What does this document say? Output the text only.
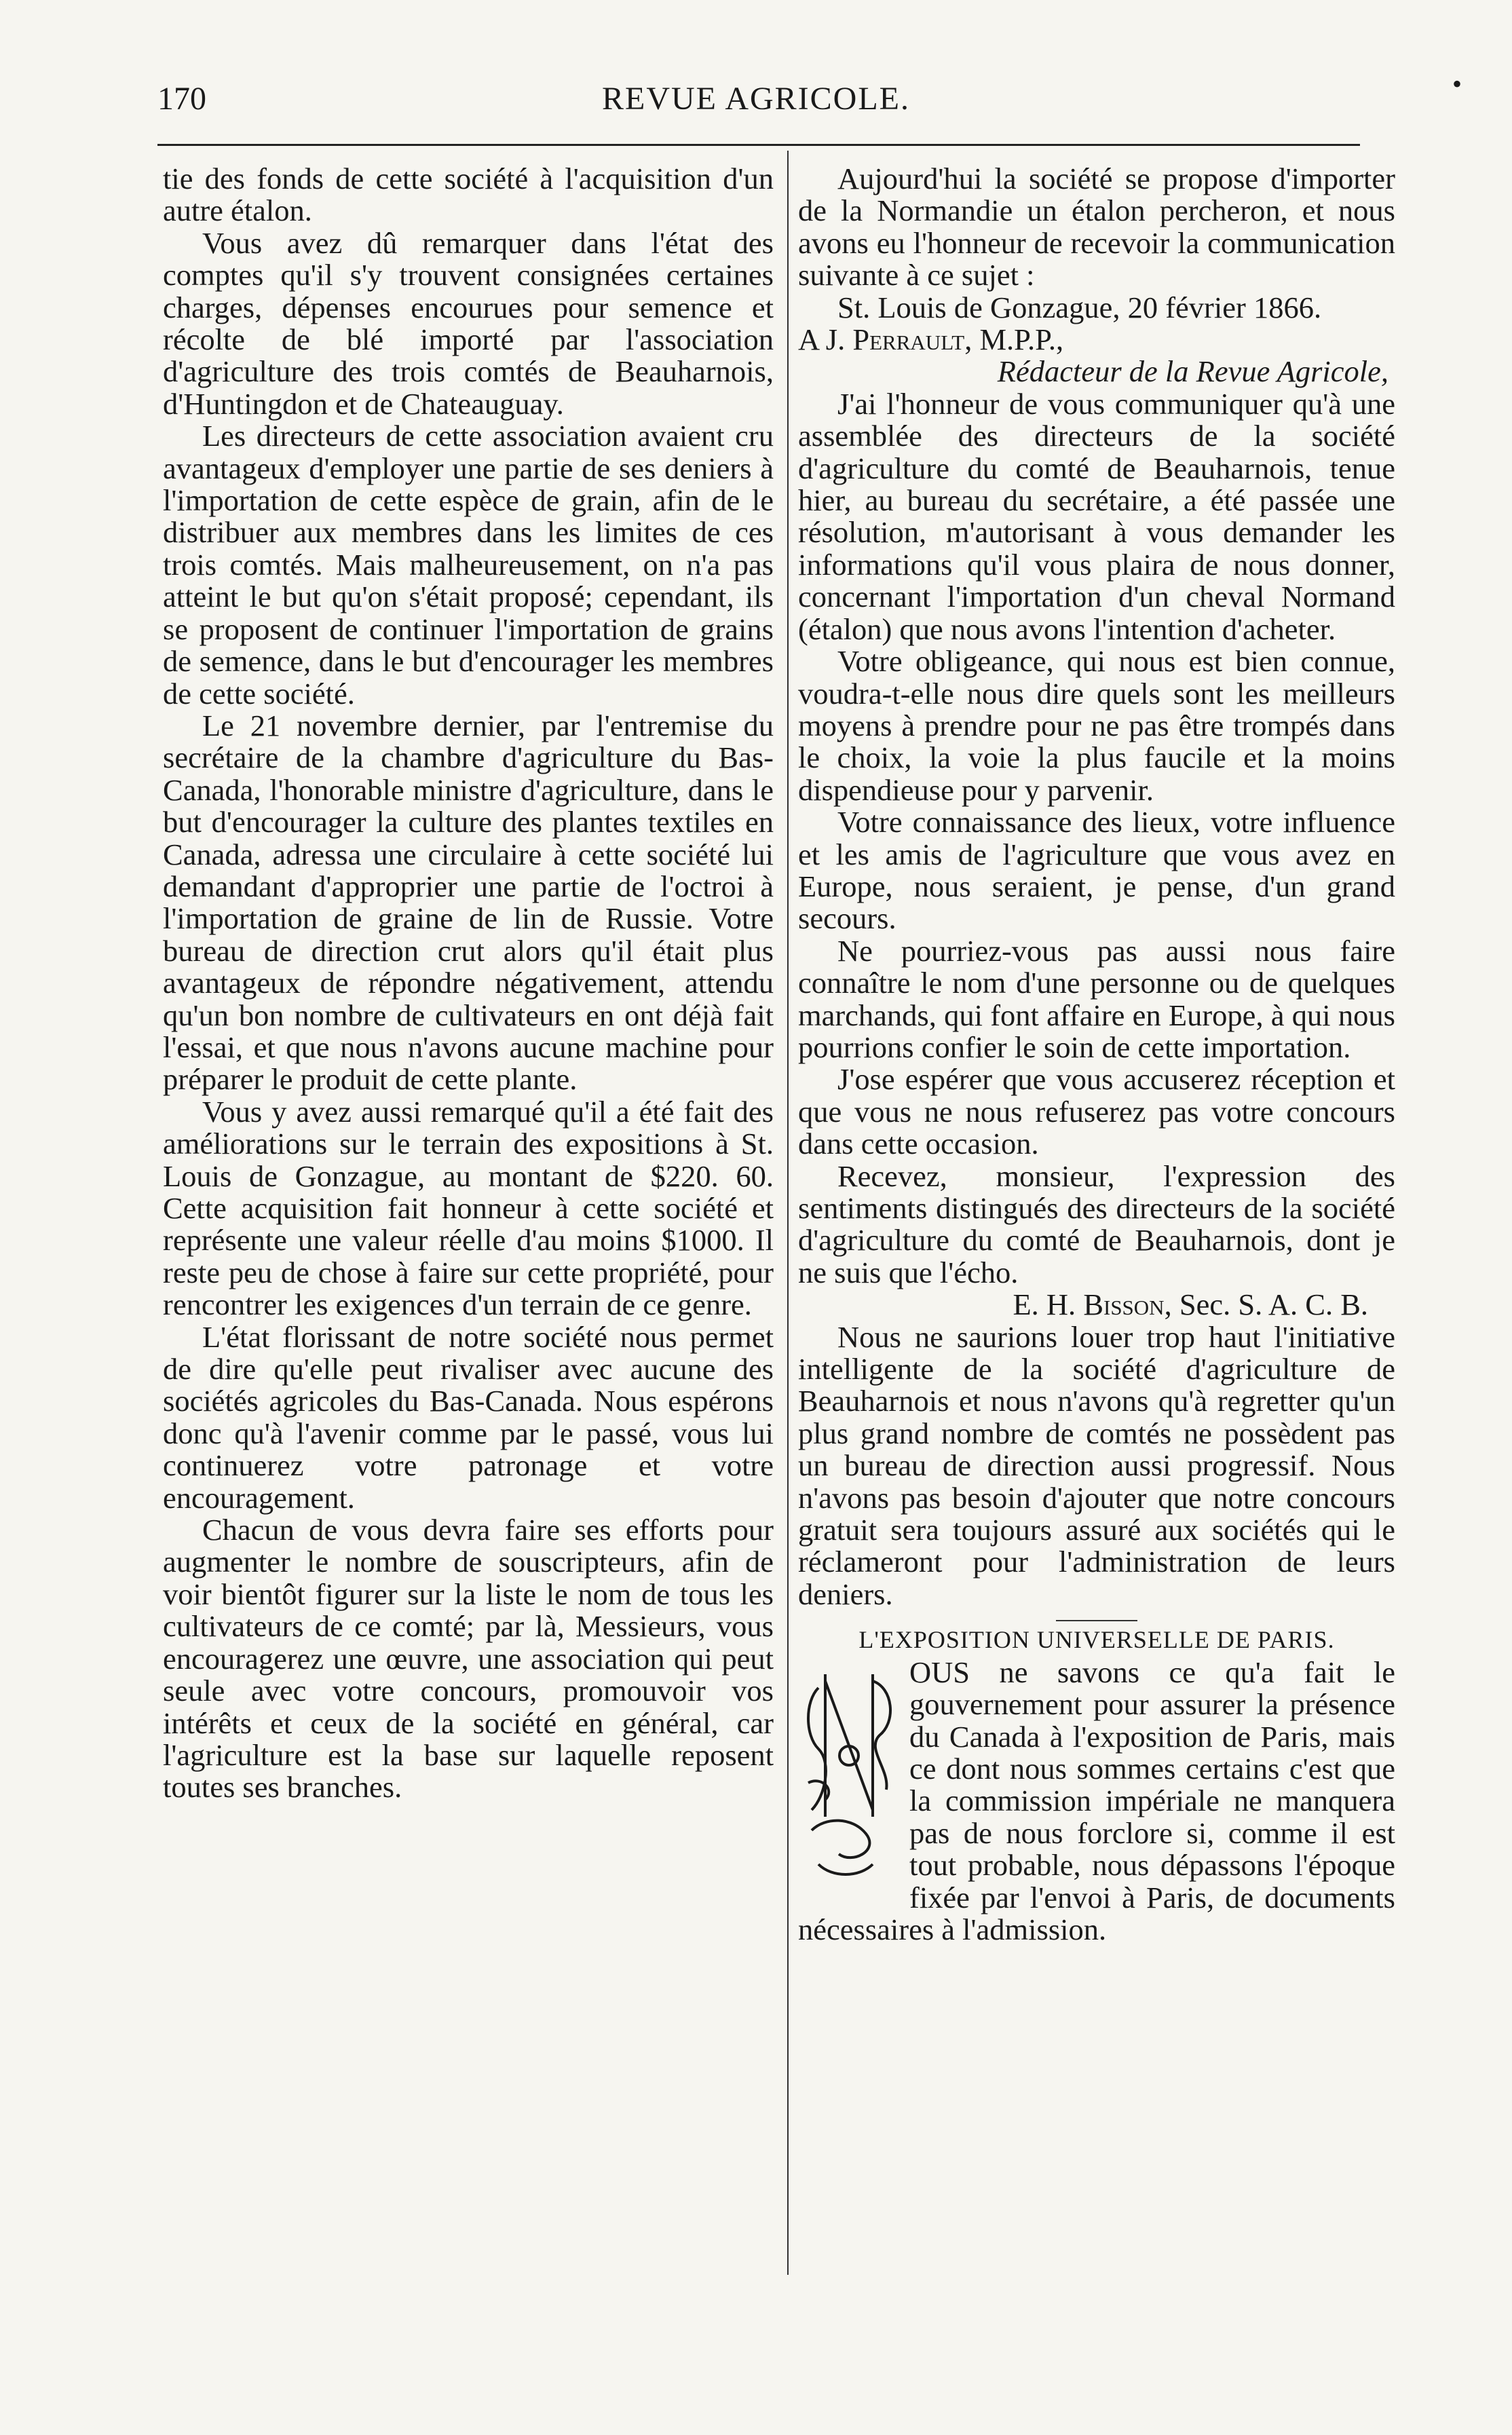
170	REVUE AGRICOLE.	•

tie des fonds de cette société à l'acquisition d'un autre étalon.

Vous avez dû remarquer dans l'état des comptes qu'il s'y trouvent consignées certaines charges, dépenses encourues pour semence et récolte de blé importé par l'association d'agriculture des trois comtés de Beauharnois, d'Huntingdon et de Chateauguay.

Les directeurs de cette association avaient cru avantageux d'employer une partie de ses deniers à l'importation de cette espèce de grain, afin de le distribuer aux membres dans les limites de ces trois comtés. Mais malheureusement, on n'a pas atteint le but qu'on s'était proposé; cependant, ils se proposent de continuer l'importation de grains de semence, dans le but d'encourager les membres de cette société.

Le 21 novembre dernier, par l'entremise du secrétaire de la chambre d'agriculture du Bas-Canada, l'honorable ministre d'agriculture, dans le but d'encourager la culture des plantes textiles en Canada, adressa une circulaire à cette société lui demandant d'approprier une partie de l'octroi à l'importation de graine de lin de Russie. Votre bureau de direction crut alors qu'il était plus avantageux de répondre négativement, attendu qu'un bon nombre de cultivateurs en ont déjà fait l'essai, et que nous n'avons aucune machine pour préparer le produit de cette plante.

Vous y avez aussi remarqué qu'il a été fait des améliorations sur le terrain des expositions à St. Louis de Gonzague, au montant de $220. 60. Cette acquisition fait honneur à cette société et représente une valeur réelle d'au moins $1000. Il reste peu de chose à faire sur cette propriété, pour rencontrer les exigences d'un terrain de ce genre.

L'état florissant de notre société nous permet de dire qu'elle peut rivaliser avec aucune des sociétés agricoles du Bas-Canada. Nous espérons donc qu'à l'avenir comme par le passé, vous lui continuerez votre patronage et votre encouragement.

Chacun de vous devra faire ses efforts pour augmenter le nombre de souscripteurs, afin de voir bientôt figurer sur la liste le nom de tous les cultivateurs de ce comté; par là, Messieurs, vous encouragerez une œuvre, une association qui peut seule avec votre concours, promouvoir vos intérêts et ceux de la société en général, car l'agriculture est la base sur laquelle reposent toutes ses branches.

Aujourd'hui la société se propose d'importer de la Normandie un étalon percheron, et nous avons eu l'honneur de recevoir la communication suivante à ce sujet :

St. Louis de Gonzague, 20 février 1866.

A J. Perrault, M.P.P.,

Rédacteur de la Revue Agricole,

J'ai l'honneur de vous communiquer qu'à une assemblée des directeurs de la société d'agriculture du comté de Beauharnois, tenue hier, au bureau du secrétaire, a été passée une résolution, m'autorisant à vous demander les informations qu'il vous plaira de nous donner, concernant l'importation d'un cheval Normand (étalon) que nous avons l'intention d'acheter.

Votre obligeance, qui nous est bien connue, voudra-t-elle nous dire quels sont les meilleurs moyens à prendre pour ne pas être trompés dans le choix, la voie la plus faucile et la moins dispendieuse pour y parvenir.

Votre connaissance des lieux, votre influence et les amis de l'agriculture que vous avez en Europe, nous seraient, je pense, d'un grand secours.

Ne pourriez-vous pas aussi nous faire connaître le nom d'une personne ou de quelques marchands, qui font affaire en Europe, à qui nous pourrions confier le soin de cette importation.

J'ose espérer que vous accuserez réception et que vous ne nous refuserez pas votre concours dans cette occasion.

Recevez, monsieur, l'expression des sentiments distingués des directeurs de la société d'agriculture du comté de Beauharnois, dont je ne suis que l'écho.

E. H. Bisson, Sec. S. A. C. B.

Nous ne saurions louer trop haut l'initiative intelligente de la société d'agriculture de Beauharnois et nous n'avons qu'à regretter qu'un plus grand nombre de comtés ne possèdent pas un bureau de direction aussi progressif. Nous n'avons pas besoin d'ajouter que notre concours gratuit sera toujours assuré aux sociétés qui le réclameront pour l'administration de leurs deniers.

L'EXPOSITION UNIVERSELLE DE PARIS.

OUS ne savons ce qu'a fait le gouvernement pour assurer la présence du Canada à l'exposition de Paris, mais ce dont nous sommes certains c'est que la commission impériale ne manquera pas de nous forclore si, comme il est tout probable, nous dépassons l'époque fixée par l'envoi à Paris, de documents nécessaires à l'admission.
